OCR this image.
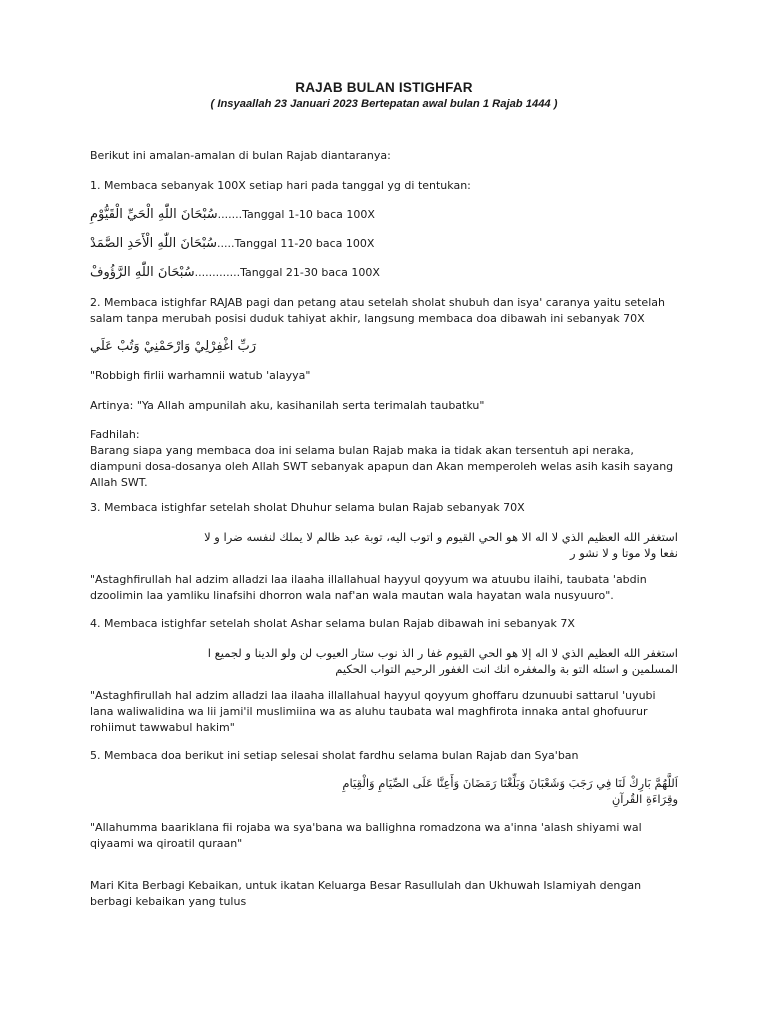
RAJAB BULAN ISTIGHFAR
( Insyaallah 23 Januari 2023 Bertepatan awal bulan 1 Rajab 1444 )
Berikut ini amalan-amalan di bulan Rajab diantaranya:
1. Membaca sebanyak 100X setiap hari pada tanggal yg di tentukan:
سُبْحَانَ اللّٰهِ الْحَيِّ الْقَيُّوْمِ .......Tanggal 1-10 baca 100X
سُبْحَانَ اللّٰهِ الْأَحَدِ الصَّمَدْ .....Tanggal 11-20 baca 100X
سُبْحَانَ اللّٰهِ الرَّؤُوفْ .............Tanggal 21-30 baca 100X
2. Membaca istighfar RAJAB pagi dan petang atau setelah sholat shubuh dan isya' caranya yaitu setelah
salam tanpa merubah posisi duduk tahiyat akhir, langsung membaca doa dibawah ini sebanyak 70X
رَبِّ اغْفِرْلِيْ وَارْحَمْنِيْ وَتُبْ عَلَي
"Robbigh firlii warhamnii watub 'alayya"
Artinya: "Ya Allah ampunilah aku, kasihanilah serta terimalah taubatku"
Fadhilah:
Barang siapa yang membaca doa ini selama bulan Rajab maka ia tidak akan tersentuh api neraka,
diampuni dosa-dosanya oleh Allah SWT sebanyak apapun dan Akan memperoleh welas asih kasih sayang
Allah SWT.
3. Membaca istighfar setelah sholat Dhuhur selama bulan Rajab sebanyak 70X
استغفر الله العظيم الذي لا اله الا هو الحي القيوم و اتوب اليه، توبة عبد ظالم لا يملك لنفسه ضرا و لا
نفعا ولا موتا و لا نشو ر
"Astaghfirullah hal adzim alladzi laa ilaaha illallahual hayyul qoyyum wa atuubu ilaihi, taubata 'abdin
dzoolimin laa yamliku linafsihi dhorron wala naf'an wala mautan wala hayatan wala nusyuuro".
4. Membaca istighfar setelah sholat Ashar selama bulan Rajab dibawah ini sebanyak 7X
استغفر الله العظيم الذي لا اله إلا هو الحي القيوم غفا ر الذ نوب ستار العيوب لن ولو الدينا و لجميع ا
المسلمين و اسئله التو بة والمغفره انك انت الغفور الرحيم التواب الحكيم
"Astaghfirullah hal adzim alladzi laa ilaaha illallahual hayyul qoyyum ghoffaru dzunuubi sattarul 'uyubi
lana waliwalidina wa lii jami'il muslimiina wa as aluhu taubata wal maghfirota innaka antal ghofuurur
rohiimut tawwabul hakim"
5. Membaca doa berikut ini setiap selesai sholat fardhu selama bulan Rajab dan Sya'ban
اَللَّهُمَّ بَارِكْ لَنَا فِي رَجَبَ وَشَعْبَانَ وَبَلِّغْنَا رَمَضَانَ وَأَعِنَّا عَلَى الصِّيَامِ وَالْقِيَامِ
وقِرَاءَةِ القُرآنِ
"Allahumma baariklana fii rojaba wa sya'bana wa ballighna romadzona wa a'inna 'alash shiyami wal
qiyaami wa qiroatil quraan"
Mari Kita Berbagi Kebaikan, untuk ikatan Keluarga Besar Rasullulah dan Ukhuwah Islamiyah dengan
berbagi kebaikan yang tulus
